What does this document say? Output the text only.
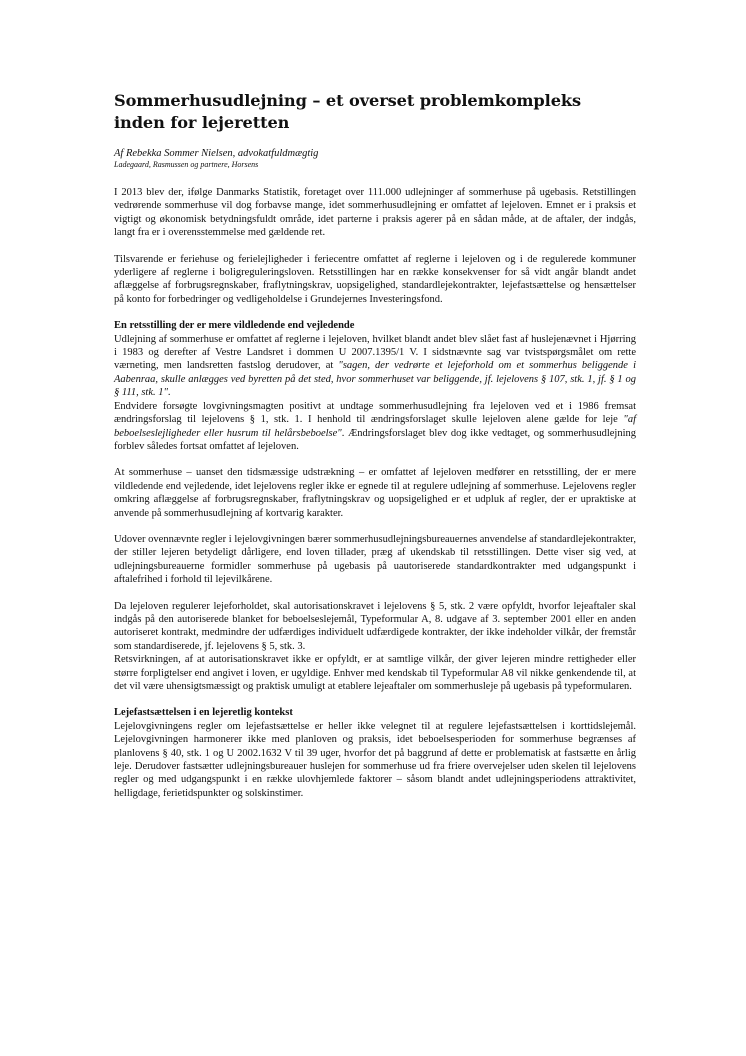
Sommerhusudlejning – et overset problemkompleks inden for lejeretten

Af Rebekka Sommer Nielsen, advokatfuldmægtig

Ladegaard, Rasmussen og partnere, Horsens

I 2013 blev der, ifølge Danmarks Statistik, foretaget over 111.000 udlejninger af sommerhuse på ugebasis. Retstillingen vedrørende sommerhuse vil dog forbavse mange, idet sommerhusudlejning er omfattet af lejeloven. Emnet er i praksis et vigtigt og økonomisk betydningsfuldt område, idet parterne i praksis agerer på en sådan måde, at de aftaler, der indgås, langt fra er i overensstemmelse med gældende ret.

Tilsvarende er feriehuse og ferielejligheder i feriecentre omfattet af reglerne i lejeloven og i de regulerede kommuner yderligere af reglerne i boligreguleringsloven. Retsstillingen har en række konsekvenser for så vidt angår blandt andet aflæggelse af forbrugsregnskaber, fraflytningskrav, uopsigelighed, standardlejekontrakter, lejefastsættelse og hensættelser på konto for forbedringer og vedligeholdelse i Grundejernes Investeringsfond.

En retsstilling der er mere vildledende end vejledende

Udlejning af sommerhuse er omfattet af reglerne i lejeloven, hvilket blandt andet blev slået fast af huslejenævnet i Hjørring i 1983 og derefter af Vestre Landsret i dommen U 2007.1395/1 V. I sidstnævnte sag var tvistspørgsmålet om rette værneting, men landsretten fastslog derudover, at "sagen, der vedrørte et lejeforhold om et sommerhus beliggende i Aabenraa, skulle anlægges ved byretten på det sted, hvor sommerhuset var beliggende, jf. lejelovens § 107, stk. 1, jf. § 1 og § 111, stk. 1".

Endvidere forsøgte lovgivningsmagten positivt at undtage sommerhusudlejning fra lejeloven ved et i 1986 fremsat ændringsforslag til lejelovens § 1, stk. 1. I henhold til ændringsforslaget skulle lejeloven alene gælde for leje "af beboelseslejligheder eller husrum til helårsbeboelse". Ændringsforslaget blev dog ikke vedtaget, og sommerhusudlejning forblev således fortsat omfattet af lejeloven.

At sommerhuse – uanset den tidsmæssige udstrækning – er omfattet af lejeloven medfører en retsstilling, der er mere vildledende end vejledende, idet lejelovens regler ikke er egnede til at regulere udlejning af sommerhuse. Lejelovens regler omkring aflæggelse af forbrugsregnskaber, fraflytningskrav og uopsigelighed er et udpluk af regler, der er upraktiske at anvende på sommerhusudlejning af kortvarig karakter.

Udover ovennævnte regler i lejelovgivningen bærer sommerhusudlejningsbureauernes anvendelse af standardlejekontrakter, der stiller lejeren betydeligt dårligere, end loven tillader, præg af ukendskab til retsstillingen. Dette viser sig ved, at udlejningsbureauerne formidler sommerhuse på ugebasis på uautoriserede standardkontrakter med udgangspunkt i aftalefrihed i forhold til lejevilkårene.

Da lejeloven regulerer lejeforholdet, skal autorisationskravet i lejelovens § 5, stk. 2 være opfyldt, hvorfor lejeaftaler skal indgås på den autoriserede blanket for beboelseslejemål, Typeformular A, 8. udgave af 3. september 2001 eller en anden autoriseret kontrakt, medmindre der udfærdiges individuelt udfærdigede kontrakter, der ikke indeholder vilkår, der fremstår som standardiserede, jf. lejelovens § 5, stk. 3.

Retsvirkningen, af at autorisationskravet ikke er opfyldt, er at samtlige vilkår, der giver lejeren mindre rettigheder eller større forpligtelser end angivet i loven, er ugyldige. Enhver med kendskab til Typeformular A8 vil nikke genkendende til, at det vil være uhensigtsmæssigt og praktisk umuligt at etablere lejeaftaler om sommerhusleje på ugebasis på typeformularen.

Lejefastsættelsen i en lejeretlig kontekst

Lejelovgivningens regler om lejefastsættelse er heller ikke velegnet til at regulere lejefastsættelsen i korttidslejemål. Lejelovgivningen harmonerer ikke med planloven og praksis, idet beboelsesperioden for sommerhuse begrænses af planlovens § 40, stk. 1 og U 2002.1632 V til 39 uger, hvorfor det på baggrund af dette er problematisk at fastsætte en årlig leje. Derudover fastsætter udlejningsbureauer huslejen for sommerhuse ud fra friere overvejelser uden skelen til lejelovens regler og med udgangspunkt i en række ulovhjemlede faktorer – såsom blandt andet udlejningsperiodens attraktivitet, helligdage, ferietidspunkter og solskinstimer.
